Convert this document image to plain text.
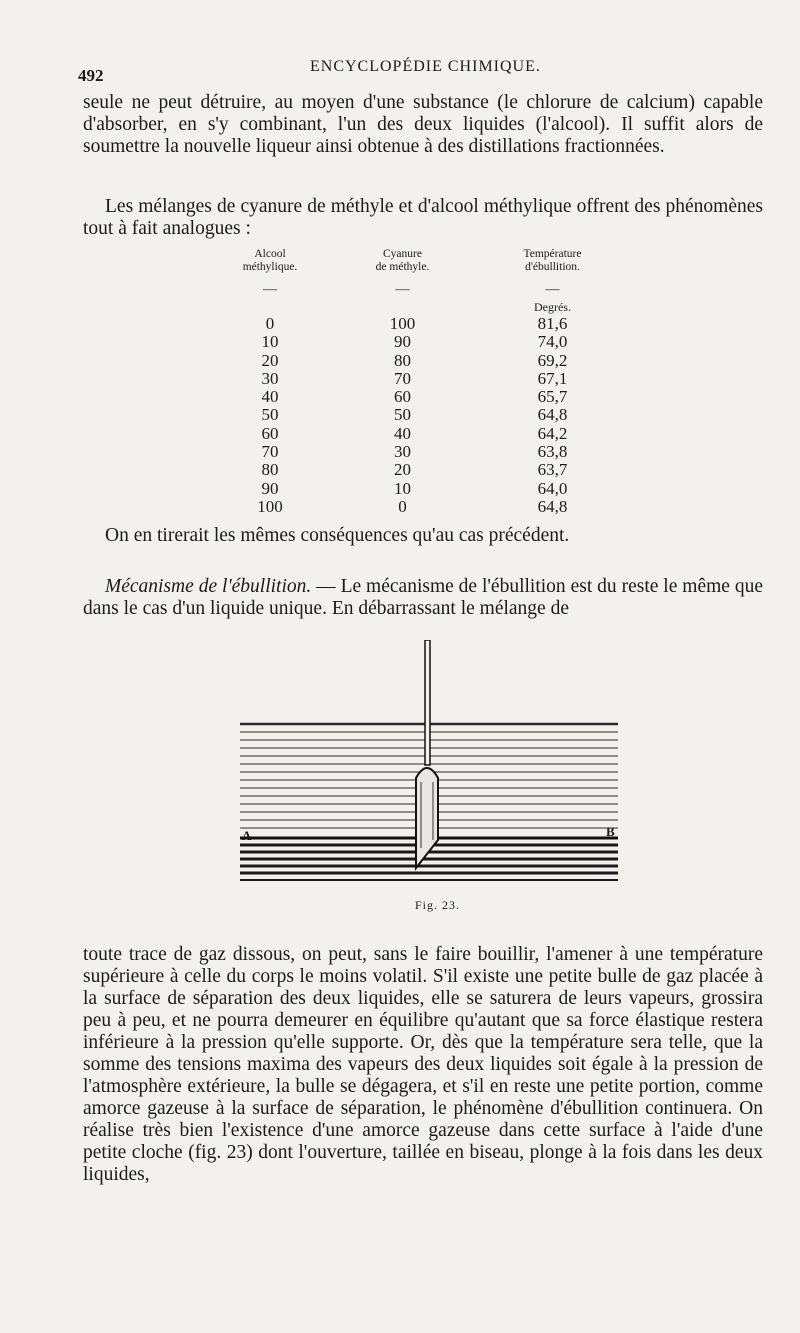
492	ENCYCLOPÉDIE CHIMIQUE.

seule ne peut détruire, au moyen d'une substance (le chlorure de calcium) capable d'absorber, en s'y combinant, l'un des deux liquides (l'alcool). Il suffit alors de soumettre la nouvelle liqueur ainsi obtenue à des distillations fractionnées.

Les mélanges de cyanure de méthyle et d'alcool méthylique offrent des phénomènes tout à fait analogues :

Alcool
méthylique.
—
0
10
20
30
40
50
60
70
80
90
100
Cyanure
de méthyle.
—
100
90
80
70
60
50
40
30
20
10
0
Température
d'ébullition.
—
Degrés.
81,6
74,0
69,2
67,1
65,7
64,8
64,2
63,8
63,7
64,0
64,8

On en tirerait les mêmes conséquences qu'au cas précédent.

Mécanisme de l'ébullition. — Le mécanisme de l'ébullition est du reste le même que dans le cas d'un liquide unique. En débarrassant le mélange de

A	B
Fig. 23.

toute trace de gaz dissous, on peut, sans le faire bouillir, l'amener à une température supérieure à celle du corps le moins volatil. S'il existe une petite bulle de gaz placée à la surface de séparation des deux liquides, elle se saturera de leurs vapeurs, grossira peu à peu, et ne pourra demeurer en équilibre qu'autant que sa force élastique restera inférieure à la pression qu'elle supporte. Or, dès que la température sera telle, que la somme des tensions maxima des vapeurs des deux liquides soit égale à la pression de l'atmosphère extérieure, la bulle se dégagera, et s'il en reste une petite portion, comme amorce gazeuse à la surface de séparation, le phénomène d'ébullition continuera. On réalise très bien l'existence d'une amorce gazeuse dans cette surface à l'aide d'une petite cloche (fig. 23) dont l'ouverture, taillée en biseau, plonge à la fois dans les deux liquides,
